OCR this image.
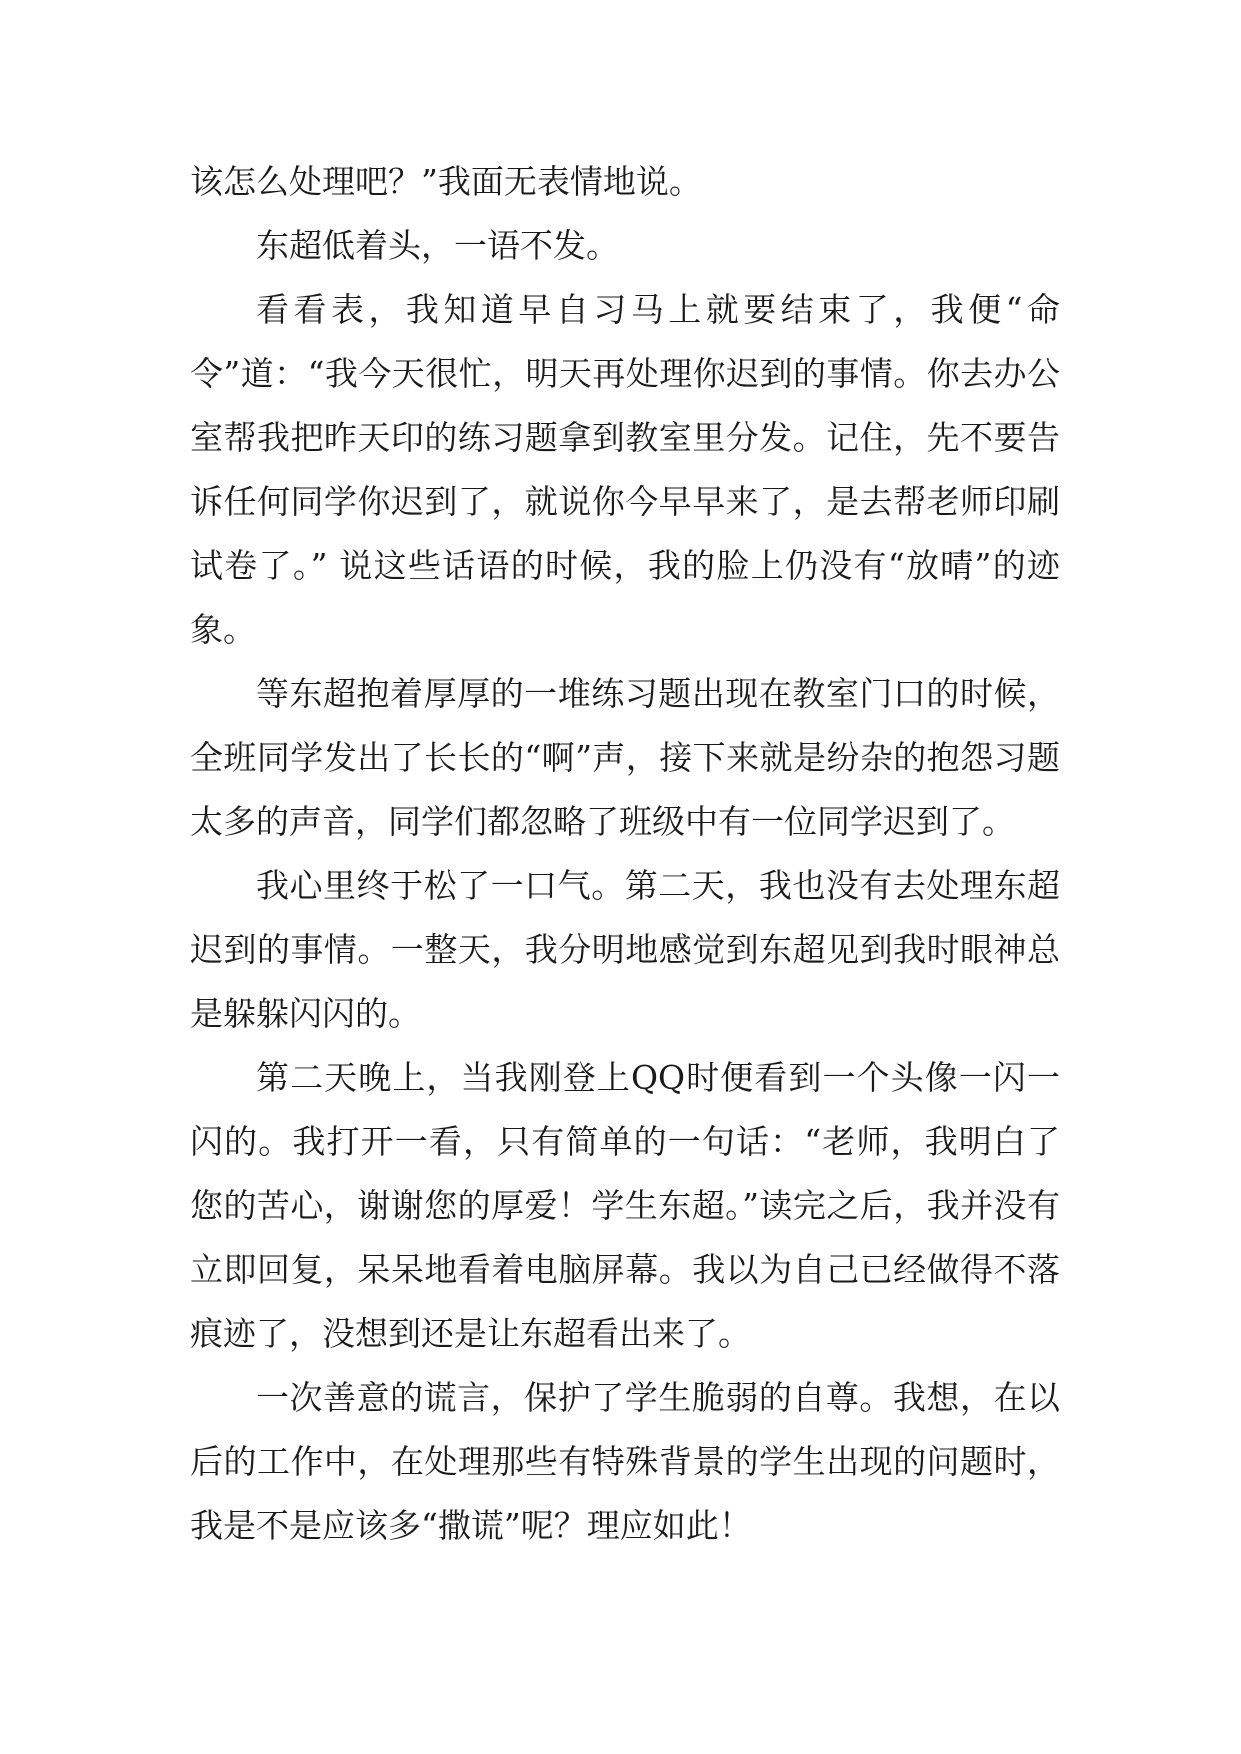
该怎么处理吧？”我面无表情地说。

东超低着头，一语不发。

看看表，我知道早自习马上就要结束了，我便“命令”道：“我今天很忙，明天再处理你迟到的事情。你去办公室帮我把昨天印的练习题拿到教室里分发。记住，先不要告诉任何同学你迟到了，就说你今早早来了，是去帮老师印刷试卷了。” 说这些话语的时候，我的脸上仍没有“放晴”的迹象。

等东超抱着厚厚的一堆练习题出现在教室门口的时候，全班同学发出了长长的“啊”声，接下来就是纷杂的抱怨习题太多的声音，同学们都忽略了班级中有一位同学迟到了。

我心里终于松了一口气。第二天，我也没有去处理东超迟到的事情。一整天，我分明地感觉到东超见到我时眼神总是躲躲闪闪的。

第二天晚上，当我刚登上QQ时便看到一个头像一闪一闪的。我打开一看，只有简单的一句话：“老师，我明白了您的苦心，谢谢您的厚爱！学生东超。”读完之后，我并没有立即回复，呆呆地看着电脑屏幕。我以为自己已经做得不落痕迹了，没想到还是让东超看出来了。

一次善意的谎言，保护了学生脆弱的自尊。我想，在以后的工作中，在处理那些有特殊背景的学生出现的问题时，我是不是应该多“撒谎”呢？理应如此！
